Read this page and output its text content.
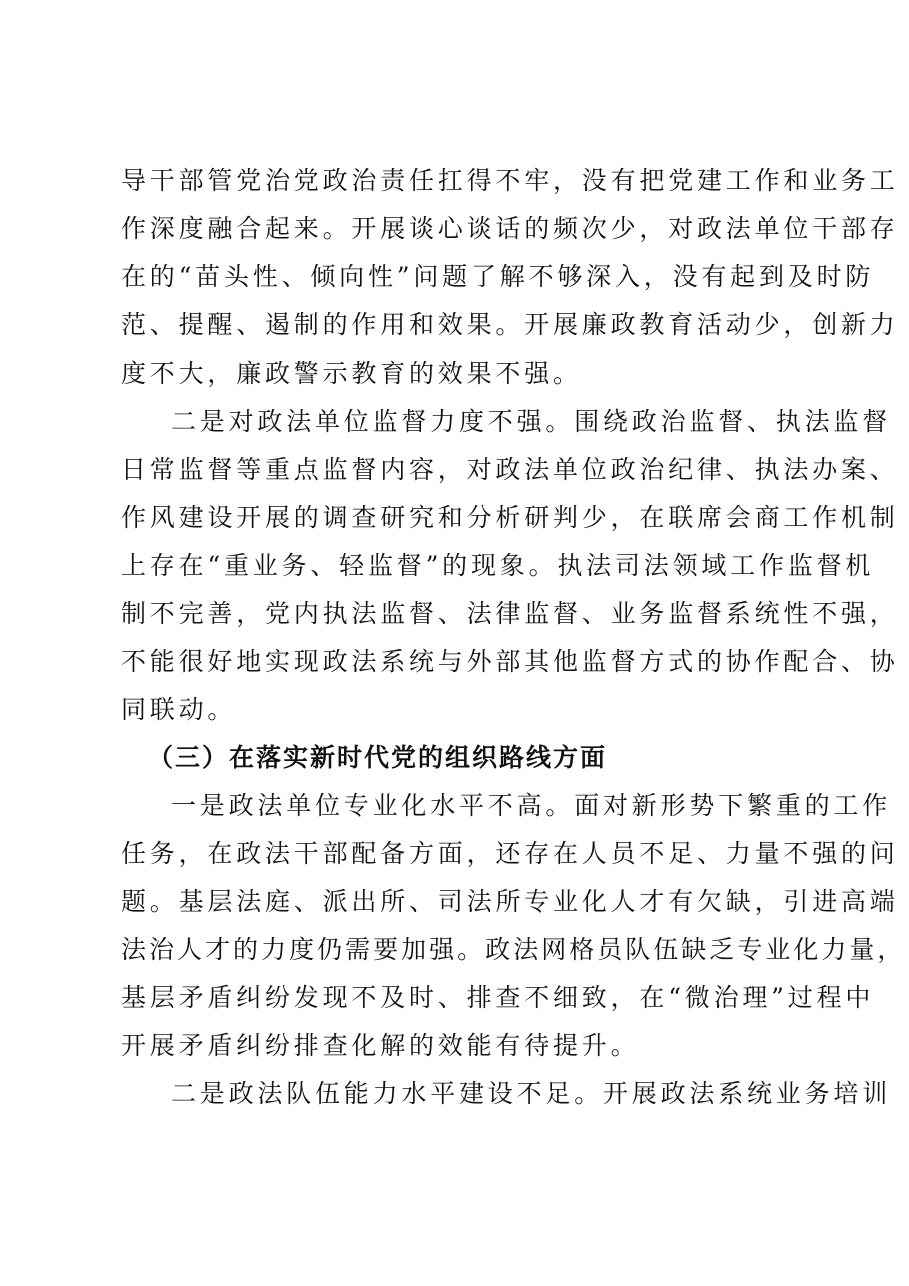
导干部管党治党政治责任扛得不牢，没有把党建工作和业务工
作深度融合起来。开展谈心谈话的频次少，对政法单位干部存
在的“苗头性、倾向性”问题了解不够深入，没有起到及时防
范、提醒、遏制的作用和效果。开展廉政教育活动少，创新力
度不大，廉政警示教育的效果不强。
二是对政法单位监督力度不强。围绕政治监督、执法监督
日常监督等重点监督内容，对政法单位政治纪律、执法办案、
作风建设开展的调查研究和分析研判少，在联席会商工作机制
上存在“重业务、轻监督”的现象。执法司法领域工作监督机
制不完善，党内执法监督、法律监督、业务监督系统性不强，
不能很好地实现政法系统与外部其他监督方式的协作配合、协
同联动。
（三）在落实新时代党的组织路线方面
一是政法单位专业化水平不高。面对新形势下繁重的工作
任务，在政法干部配备方面，还存在人员不足、力量不强的问
题。基层法庭、派出所、司法所专业化人才有欠缺，引进高端
法治人才的力度仍需要加强。政法网格员队伍缺乏专业化力量，
基层矛盾纠纷发现不及时、排查不细致，在“微治理”过程中
开展矛盾纠纷排查化解的效能有待提升。
二是政法队伍能力水平建设不足。开展政法系统业务培训
